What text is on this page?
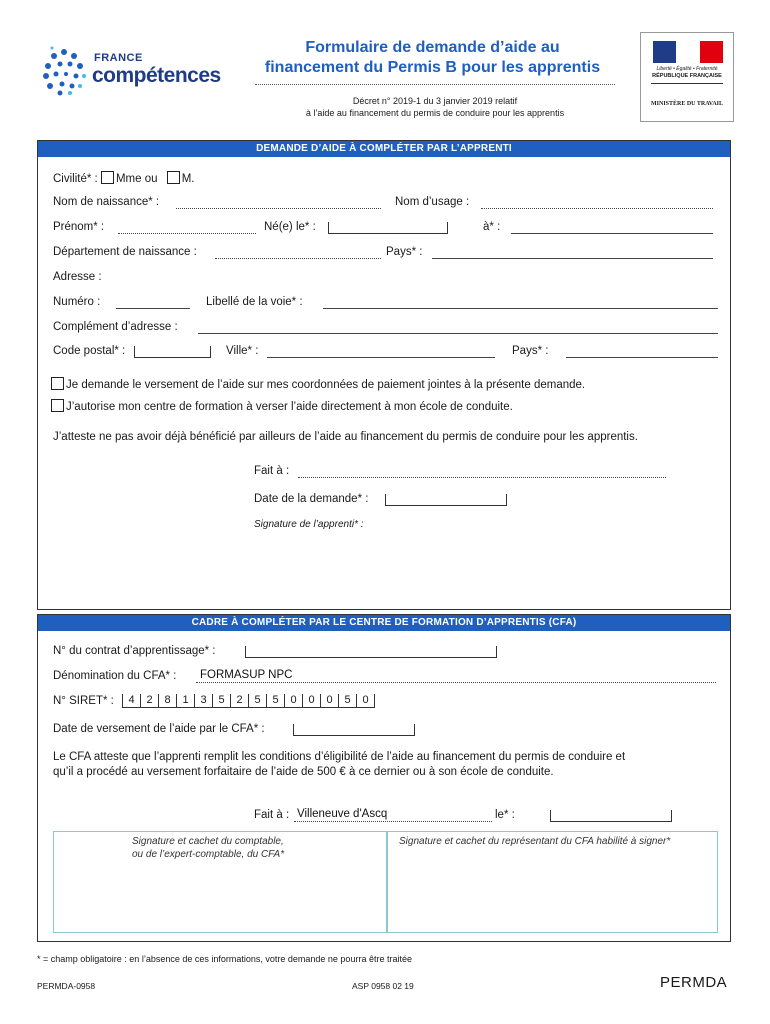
FRANCE
compétences
Formulaire de demande d’aide au
financement du Permis B pour les apprentis
Décret n° 2019-1 du 3 janvier 2019 relatif
à l’aide au financement du permis de conduire pour les apprentis
Liberté • Égalité • Fraternité
RÉPUBLIQUE FRANÇAISE
MINISTÈRE DU TRAVAIL
DEMANDE D’AIDE À COMPLÉTER PAR L’APPRENTI
Civilité* : Mme ou M.
Nom de naissance* :	Nom d’usage :
Prénom* :	Né(e) le* :	à* :
Département de naissance :	Pays* :
Adresse :
Numéro :	Libellé de la voie* :
Complément d’adresse :
Code postal* :	Ville* :	Pays* :
Je demande le versement de l’aide sur mes coordonnées de paiement jointes à la présente demande.
J’autorise mon centre de formation à verser l’aide directement à mon école de conduite.
J’atteste ne pas avoir déjà bénéficié par ailleurs de l’aide au financement du permis de conduire pour les apprentis.
Fait à :
Date de la demande* :
Signature de l’apprenti* :
CADRE À COMPLÉTER PAR LE CENTRE DE FORMATION D’APPRENTIS (CFA)
N° du contrat d’apprentissage* :
Dénomination du CFA* : FORMASUP NPC
N° SIRET* :	4	2	8	1	3	5	2	5	5	0	0	0	5	0
Date de versement de l’aide par le CFA* :
Le CFA atteste que l’apprenti remplit les conditions d’éligibilité de l’aide au financement du permis de conduire et
qu’il a procédé au versement forfaitaire de l’aide de 500 € à ce dernier ou à son école de conduite.
Fait à : Villeneuve d'Ascq	le* :
Signature et cachet du comptable,
ou de l’expert-comptable, du CFA*
Signature et cachet du représentant du CFA habilité à signer*
* = champ obligatoire : en l’absence de ces informations, votre demande ne pourra être traitée
PERMDA-0958	ASP 0958 02 19	PERMDA
